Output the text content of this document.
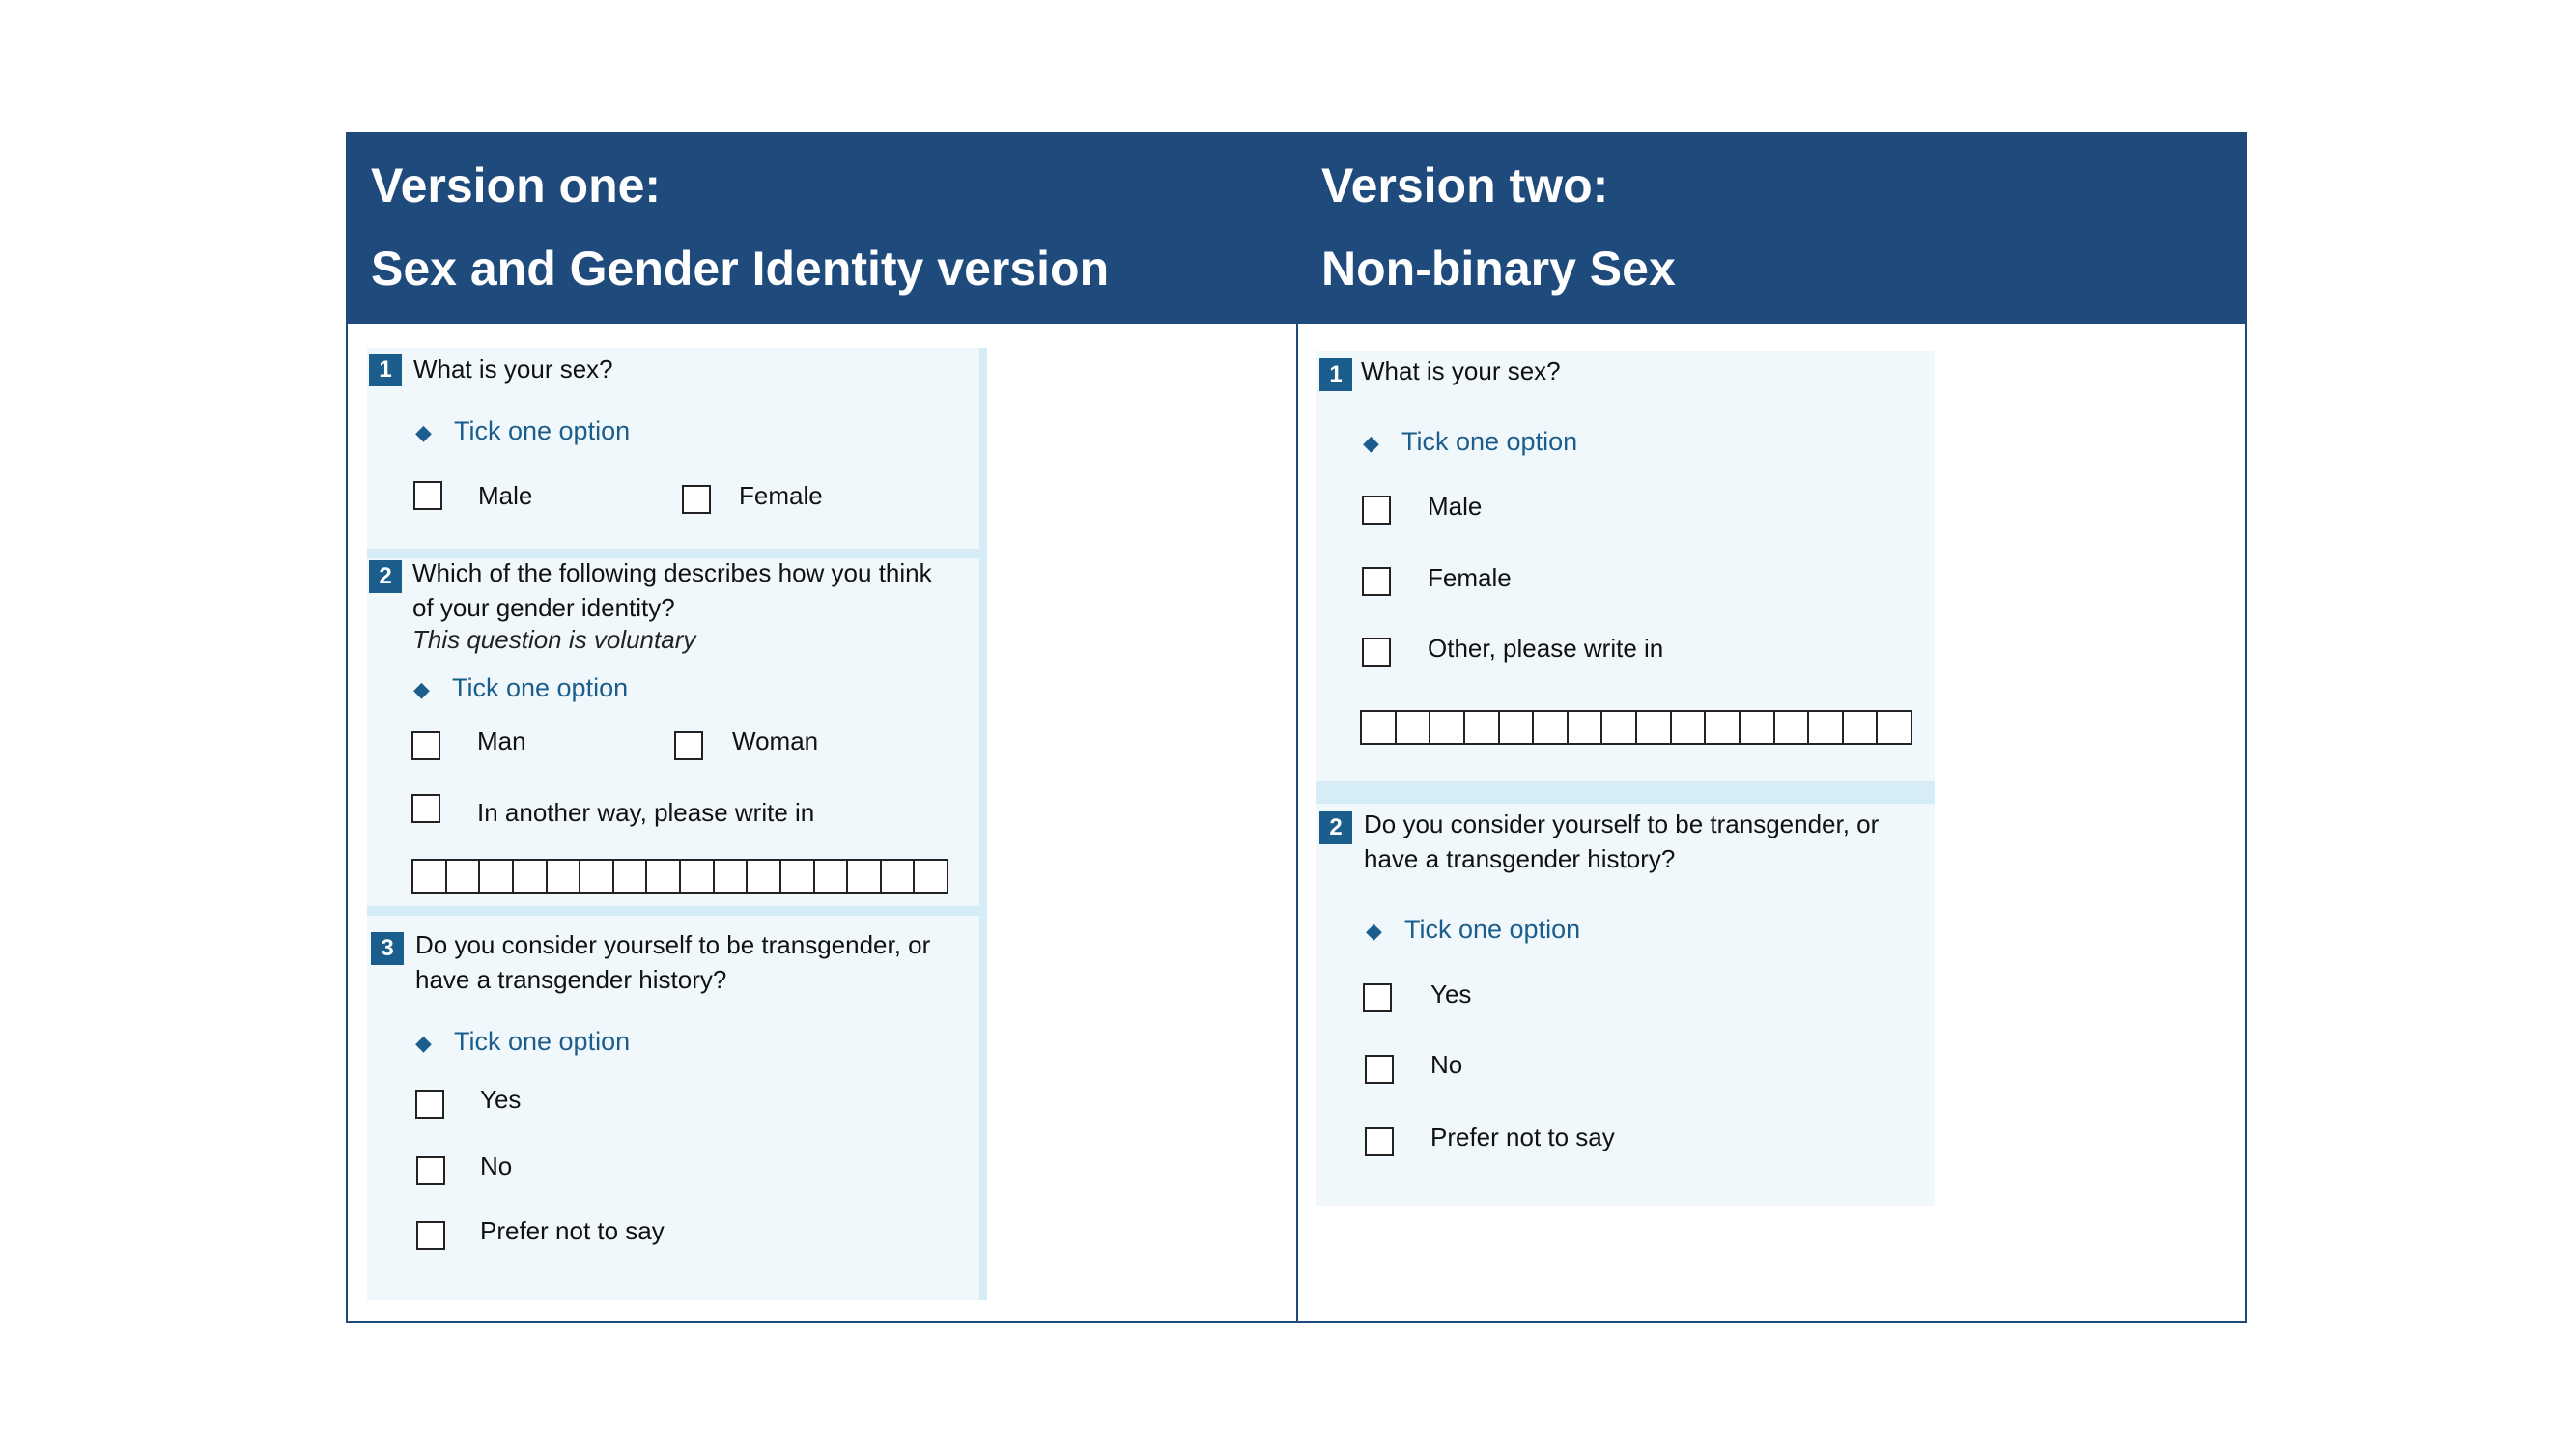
Version one:
Sex and Gender Identity version
Version two:
Non-binary Sex
1 What is your sex?
◆ Tick one option
Male	Female
2 Which of the following describes how you think
of your gender identity?
This question is voluntary
◆ Tick one option
Man	Woman
In another way, please write in
3 Do you consider yourself to be transgender, or
have a transgender history?
◆ Tick one option
Yes
No
Prefer not to say
1 What is your sex?
◆ Tick one option
Male
Female
Other, please write in
2 Do you consider yourself to be transgender, or
have a transgender history?
◆ Tick one option
Yes
No
Prefer not to say
